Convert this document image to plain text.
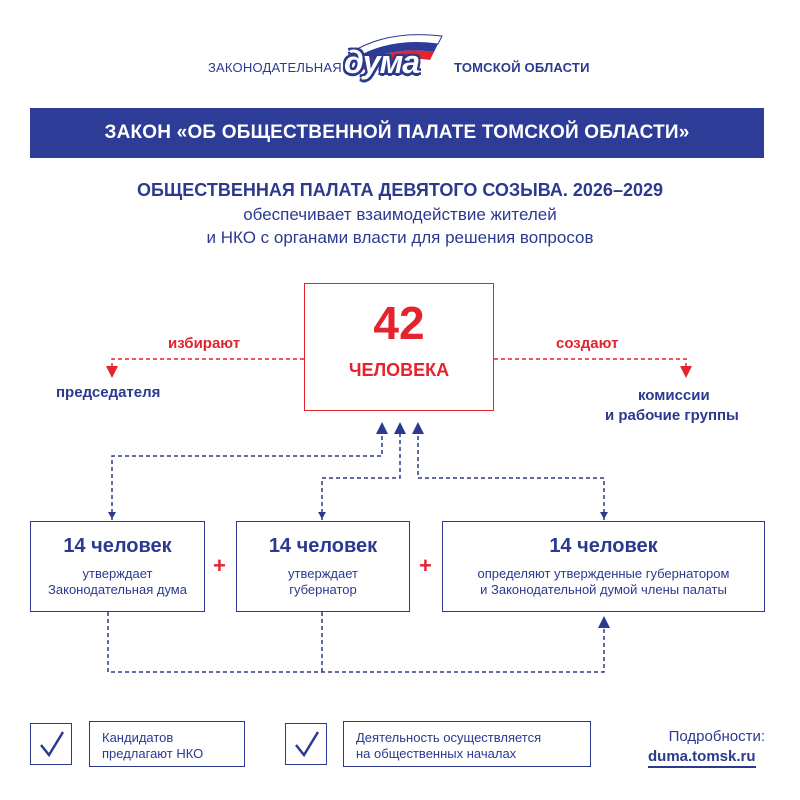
ЗАКОНОДАТЕЛЬНАЯ дума	ТОМСКОЙ ОБЛАСТИ
ЗАКОН «ОБ ОБЩЕСТВЕННОЙ ПАЛАТЕ ТОМСКОЙ ОБЛАСТИ»
ОБЩЕСТВЕННАЯ ПАЛАТА ДЕВЯТОГО СОЗЫВА. 2026–2029
обеспечивает взаимодействие жителей
и НКО с органами власти для решения вопросов
42
ЧЕЛОВЕКА
избирают
председателя
создают
комиссии
и рабочие группы
14 человек
утверждает
Законодательная дума
+
14 человек
утверждает
губернатор
+
14 человек
определяют утвержденные губернатором
и Законодательной думой члены палаты
Кандидатов
предлагают НКО
Деятельность осуществляется
на общественных началах
Подробности:
duma.tomsk.ru
